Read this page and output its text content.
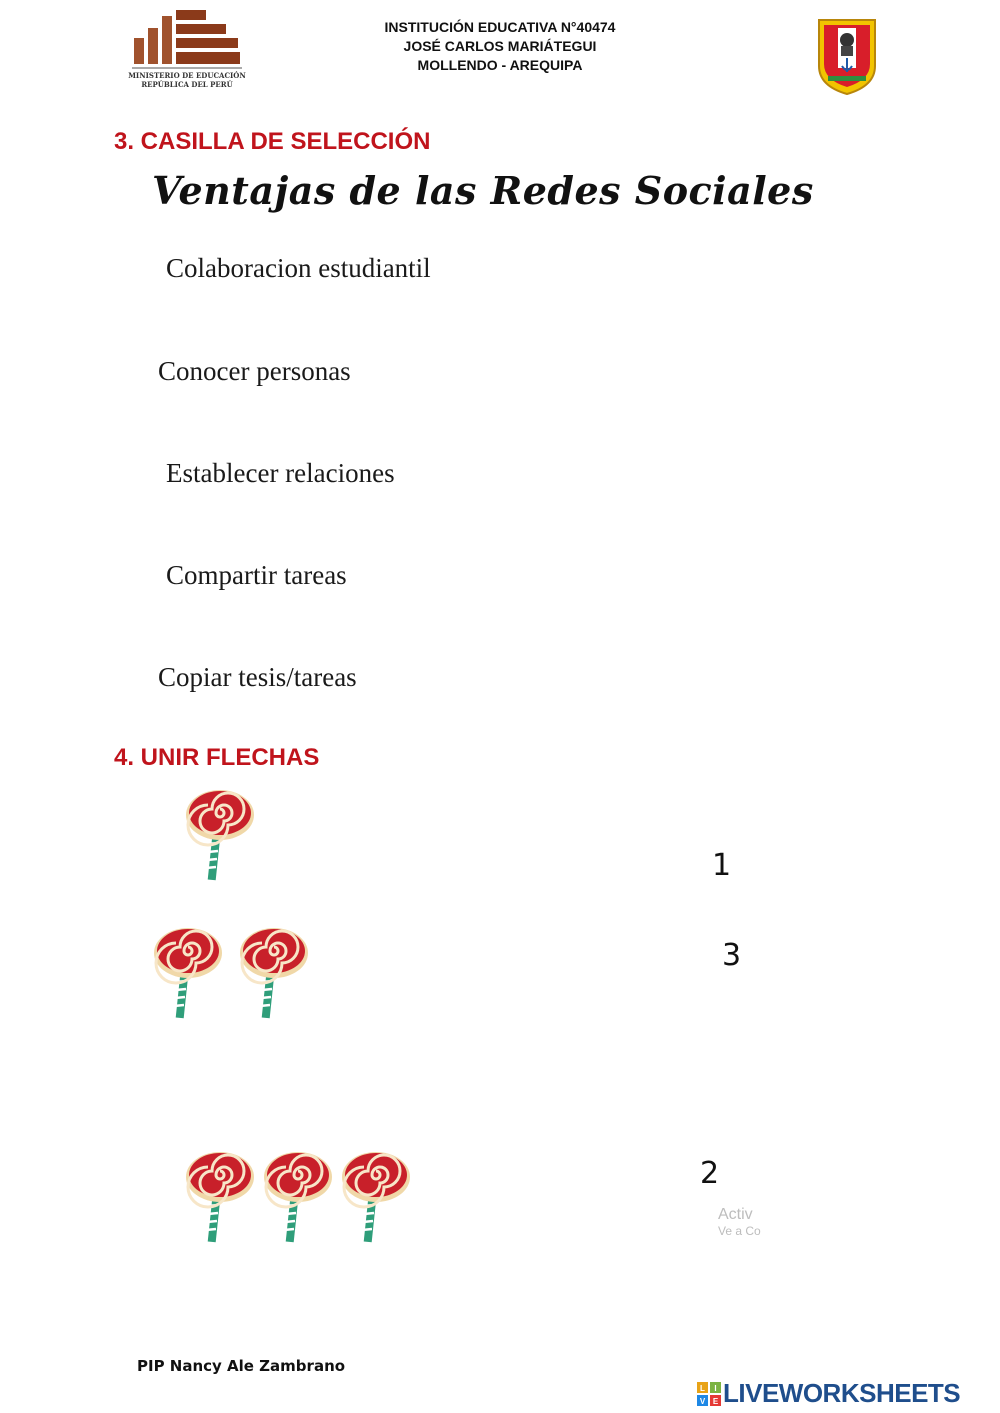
MINISTERIO DE EDUCACIÓN
REPÚBLICA DEL PERÚ
INSTITUCIÓN EDUCATIVA N°40474
JOSÉ CARLOS MARIÁTEGUI
MOLLENDO - AREQUIPA
3. CASILLA DE SELECCIÓN
Ventajas de las Redes Sociales
Colaboracion estudiantil
Conocer personas
Establecer relaciones
Compartir tareas
Copiar tesis/tareas
4. UNIR FLECHAS
1
3
2
Activ
Ve a Co
PIP Nancy Ale Zambrano
L I
V E LIVEWORKSHEETS
